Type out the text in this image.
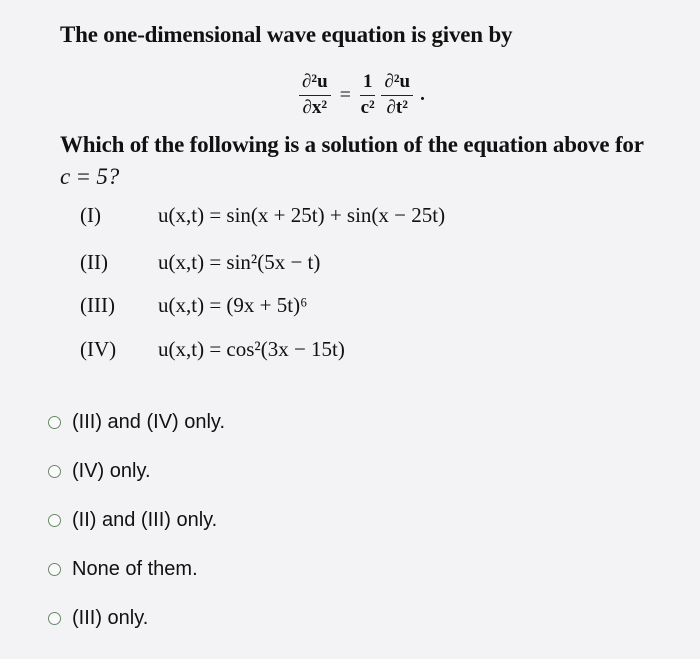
The one-dimensional wave equation is given by
$\frac{\text{∂²u}}{\text{∂x²}} = \frac{1}{\text{c²}} \frac{\text{∂²u}}{\text{∂t²}}$ .
Which of the following is a solution of the equation above for
c = 5?
(I)	u(x,t) = sin(x + 25t) + sin(x − 25t)
(II)	u(x,t) = sin²(5x − t)
(III)	u(x,t) = (9x + 5t)⁶
(IV)	u(x,t) = cos²(3x − 15t)
(III) and (IV) only.
(IV) only.
(II) and (III) only.
None of them.
(III) only.
